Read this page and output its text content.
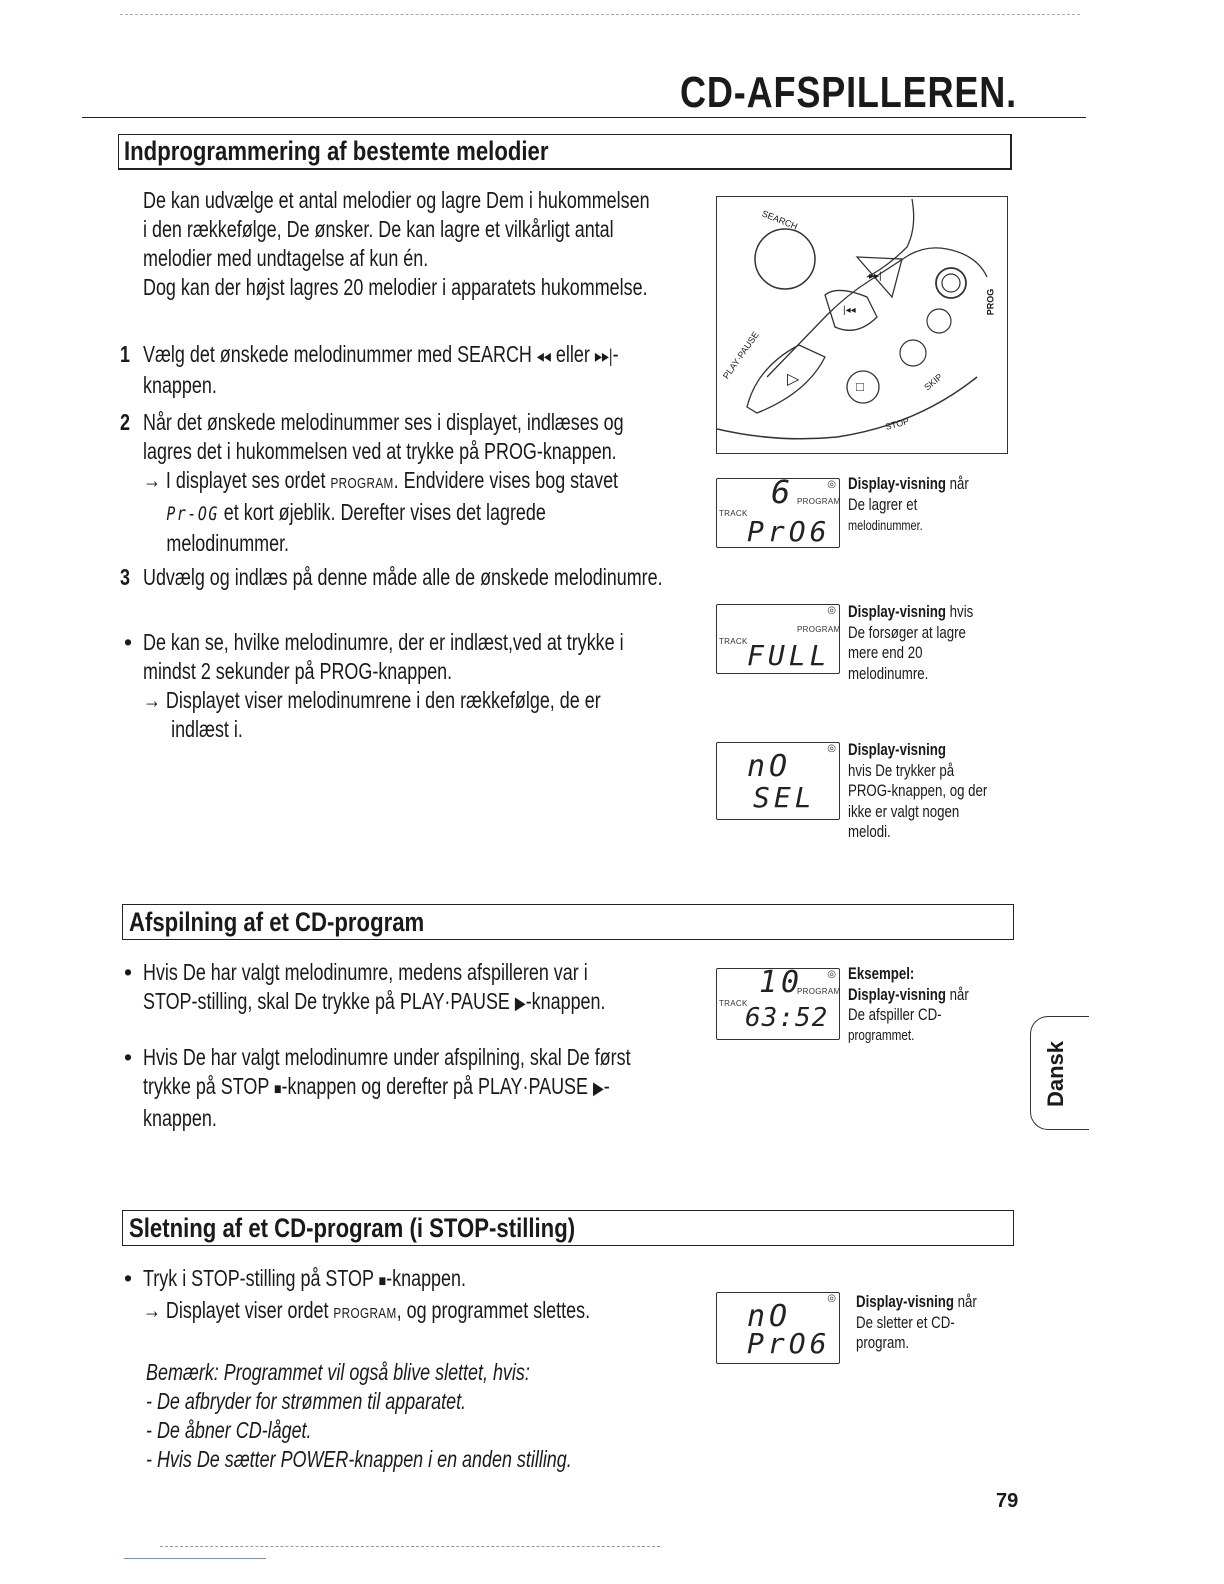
CD-AFSPILLEREN.
Indprogrammering af bestemte melodier

De kan udvælge et antal melodier og lagre Dem i hukommelsen

i den rækkefølge, De ønsker. De kan lagre et vilkårligt antal

melodier med undtagelse af kun én.

Dog kan der højst lagres 20 melodier i apparatets hukommelse.

1 Vælg det ønskede melodinummer med SEARCH ◂◂ eller ▸▸|-

knappen.

2 Når det ønskede melodinummer ses i displayet, indlæses og

lagres det i hukommelsen ved at trykke på PROG-knappen.

→ I displayet ses ordet PROGRAM. Endvidere vises bog stavet

Pr-OG et kort øjeblik. Derefter vises det lagrede

melodinummer.

3 Udvælg og indlæs på denne måde alle de ønskede melodinumre.
• De kan se, hvilke melodinumre, der er indlæst,ved at trykke i

mindst 2 sekunder på PROG-knappen.

→ Displayet viser melodinumrene i den rækkefølge, de er

indlæst i.

▸▸|
|◂◂
▷	□
SEARCH
PROG
PLAY·PAUSE
STOP
SKIP
◎
TRACK
PROGRAM
6
PrO6
Display-visning når
De lagrer et
melodinummer.
◎
TRACK
PROGRAM
FULL
Display-visning hvis
De forsøger at lagre
mere end 20
melodinumre.
◎
nO
SEL
Display-visning
hvis De trykker på
PROG-knappen, og der
ikke er valgt nogen
melodi.
Afspilning af et CD-program
• Hvis De har valgt melodinumre, medens afspilleren var i

STOP-stilling, skal De trykke på PLAY·PAUSE ▶-knappen.

• Hvis De har valgt melodinumre under afspilning, skal De først

trykke på STOP ■-knappen og derefter på PLAY·PAUSE ▶-

knappen.

◎
TRACK
PROGRAM
10
63:52
Eksempel:
Display-visning når
De afspiller CD-
programmet.
Dansk
Sletning af et CD-program (i STOP-stilling)
• Tryk i STOP-stilling på STOP ■-knappen.

→ Displayet viser ordet PROGRAM, og programmet slettes.

Bemærk: Programmet vil også blive slettet, hvis:

- De afbryder for strømmen til apparatet.

- De åbner CD-låget.

- Hvis De sætter POWER-knappen i en anden stilling.

◎
nO
PrO6
Display-visning når
De sletter et CD-
program.
79
